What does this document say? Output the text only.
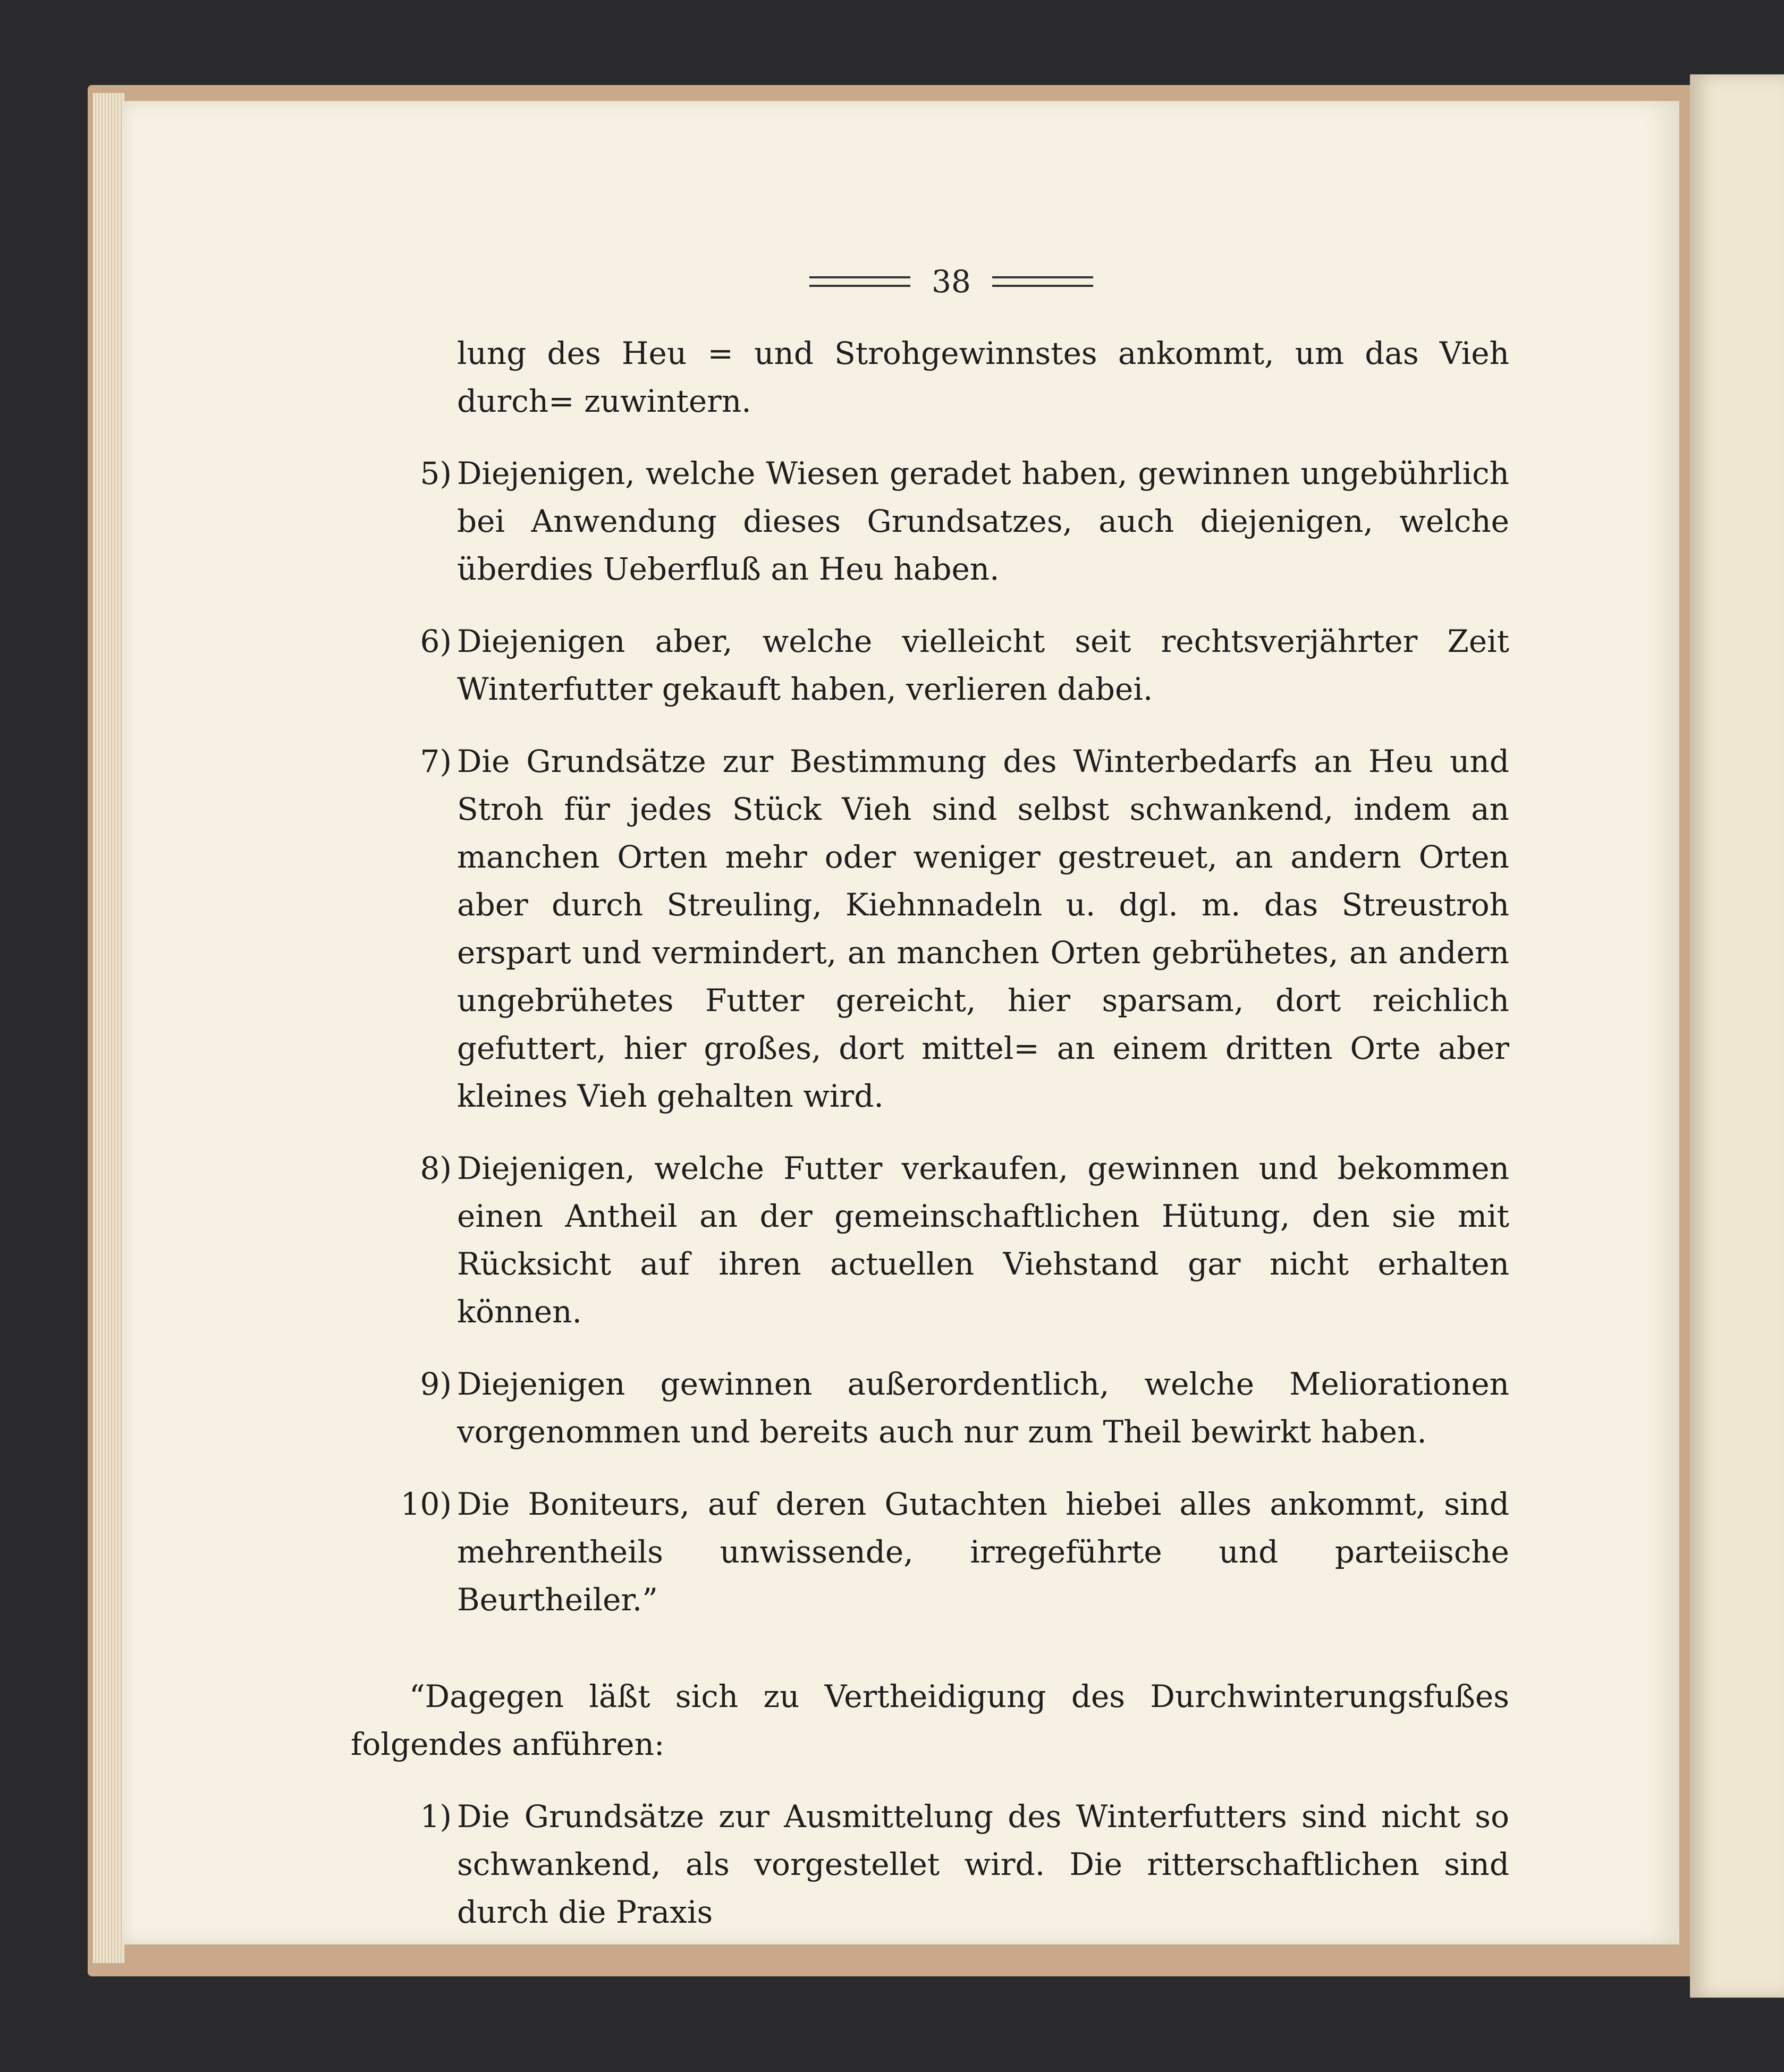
38
lung des Heu = und Strohgewinnstes ankommt, um das Vieh durch= zuwintern.
5) Diejenigen, welche Wiesen geradet haben, gewinnen ungebührlich bei Anwendung dieses Grundsatzes, auch diejenigen, welche überdies Ueberfluß an Heu haben.
6) Diejenigen aber, welche vielleicht seit rechtsverjährter Zeit Winterfutter gekauft haben, verlieren dabei.
7) Die Grundsätze zur Bestimmung des Winterbedarfs an Heu und Stroh für jedes Stück Vieh sind selbst schwankend, indem an manchen Orten mehr oder weniger gestreuet, an andern Orten aber durch Streuling, Kiehnnadeln u. dgl. m. das Streustroh erspart und vermindert, an manchen Orten gebrühetes, an andern ungebrühetes Futter gereicht, hier sparsam, dort reichlich gefuttert, hier großes, dort mittel= an einem dritten Orte aber kleines Vieh gehalten wird.
8) Diejenigen, welche Futter verkaufen, gewinnen und bekommen einen Antheil an der gemeinschaftlichen Hütung, den sie mit Rücksicht auf ihren actuellen Viehstand gar nicht erhalten können.
9) Diejenigen gewinnen außerordentlich, welche Meliorationen vorgenommen und bereits auch nur zum Theil bewirkt haben.
10) Die Boniteurs, auf deren Gutachten hiebei alles ankommt, sind mehrentheils unwissende, irregeführte und parteiische Beurtheiler.”
“Dagegen läßt sich zu Vertheidigung des Durchwinterungsfußes folgendes anführen:
1) Die Grundsätze zur Ausmittelung des Winterfutters sind nicht so schwankend, als vorgestellet wird. Die ritterschaftlichen sind durch die Praxis
